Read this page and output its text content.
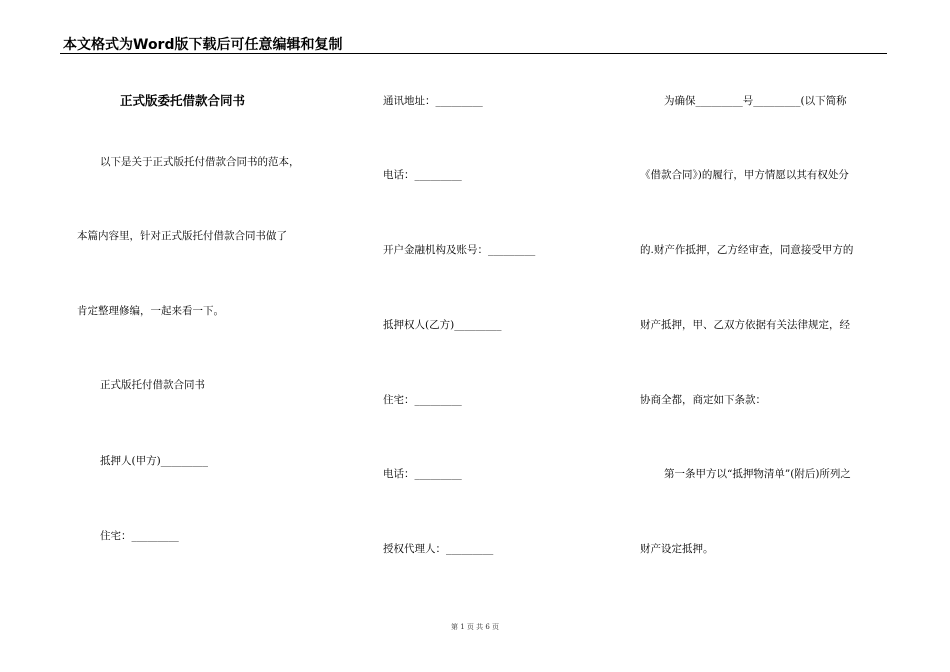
本文格式为Word版下载后可任意编辑和复制
正式版委托借款合同书
以下是关于正式版托付借款合同书的范本，
本篇内容里，针对正式版托付借款合同书做了
肯定整理修编，一起来看一下。
正式版托付借款合同书
抵押人(甲方)_________
住宅：_________
通讯地址：_________
电话：_________
开户金融机构及账号：_________
抵押权人(乙方)_________
住宅：_________
电话：_________
授权代理人：_________
为确保_________号_________(以下简称
《借款合同》)的履行，甲方情愿以其有权处分
的.财产作抵押，乙方经审查，同意接受甲方的
财产抵押，甲、乙双方依据有关法律规定，经
协商全都，商定如下条款：
第一条甲方以“抵押物清单”(附后)所列之
财产设定抵押。
第 1 页 共 6 页
